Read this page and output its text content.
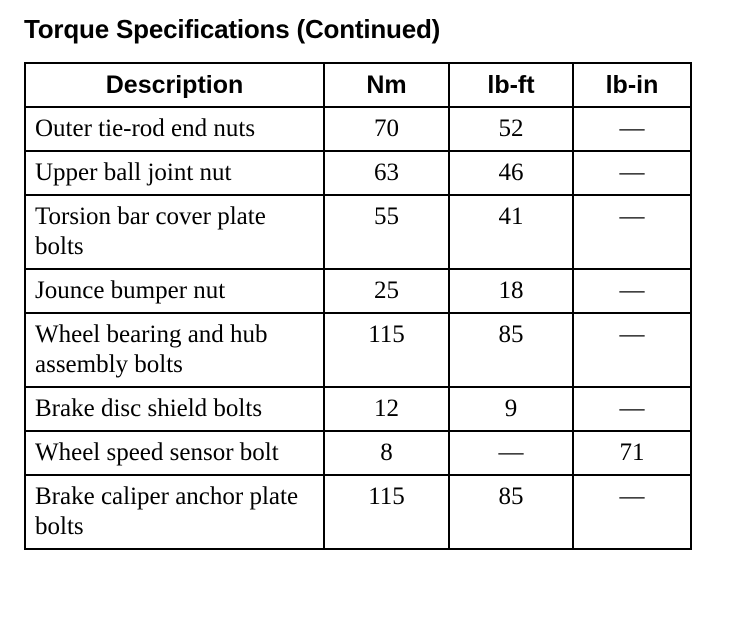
Torque Specifications (Continued)
Description	Nm	lb-ft	lb-in
Outer tie-rod end nuts	70	52	—
Upper ball joint nut	63	46	—
Torsion bar cover plate bolts	55	41	—
Jounce bumper nut	25	18	—
Wheel bearing and hub assembly bolts	115	85	—
Brake disc shield bolts	12	9	—
Wheel speed sensor bolt	8	—	71
Brake caliper anchor plate bolts	115	85	—
